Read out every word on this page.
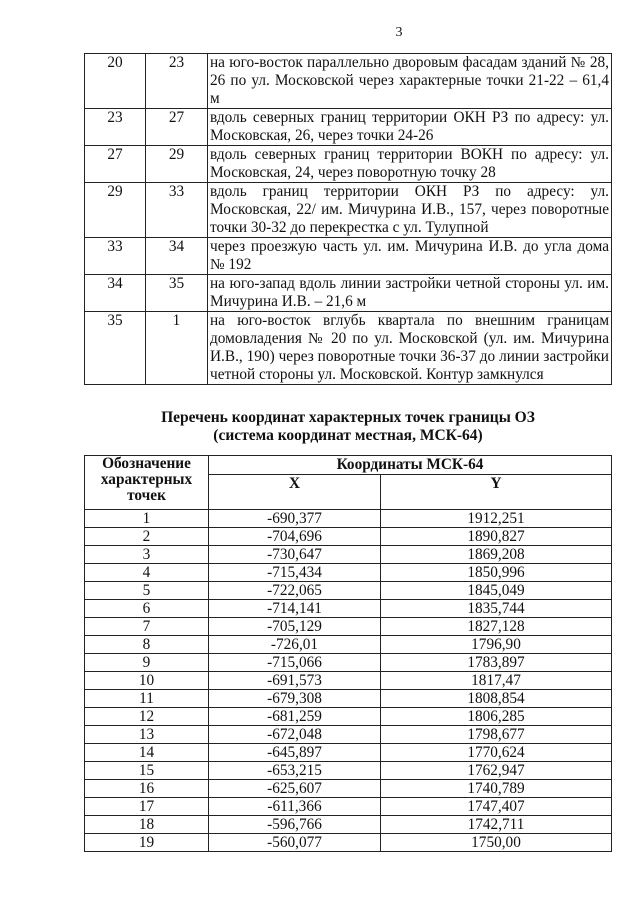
3
20	23	на юго-восток параллельно дворовым фасадам зданий № 28, 26 по ул. Московской через характерные точки 21-22 – 61,4 м
23	27	вдоль северных границ территории ОКН РЗ по адресу: ул. Московская, 26, через точки 24-26
27	29	вдоль северных границ территории ВОКН по адресу: ул. Московская, 24, через поворотную точку 28
29	33	вдоль границ территории ОКН РЗ по адресу: ул. Московская, 22/ им. Мичурина И.В., 157, через поворотные точки 30-32 до перекрестка с ул. Тулупной
33	34	через проезжую часть ул. им. Мичурина И.В. до угла дома № 192
34	35	на юго-запад вдоль линии застройки четной стороны ул. им. Мичурина И.В. – 21,6 м
35	1	на юго-восток вглубь квартала по внешним границам домовладения № 20 по ул. Московской (ул. им. Мичурина И.В., 190) через поворотные точки 36-37 до линии застройки четной стороны ул. Московской. Контур замкнулся
Перечень координат характерных точек границы ОЗ
(система координат местная, МСК-64)
Обозначение характерных точек	Координаты МСК-64	
	X	Y
1	-690,377	1912,251
2	-704,696	1890,827
3	-730,647	1869,208
4	-715,434	1850,996
5	-722,065	1845,049
6	-714,141	1835,744
7	-705,129	1827,128
8	-726,01	1796,90
9	-715,066	1783,897
10	-691,573	1817,47
11	-679,308	1808,854
12	-681,259	1806,285
13	-672,048	1798,677
14	-645,897	1770,624
15	-653,215	1762,947
16	-625,607	1740,789
17	-611,366	1747,407
18	-596,766	1742,711
19	-560,077	1750,00
